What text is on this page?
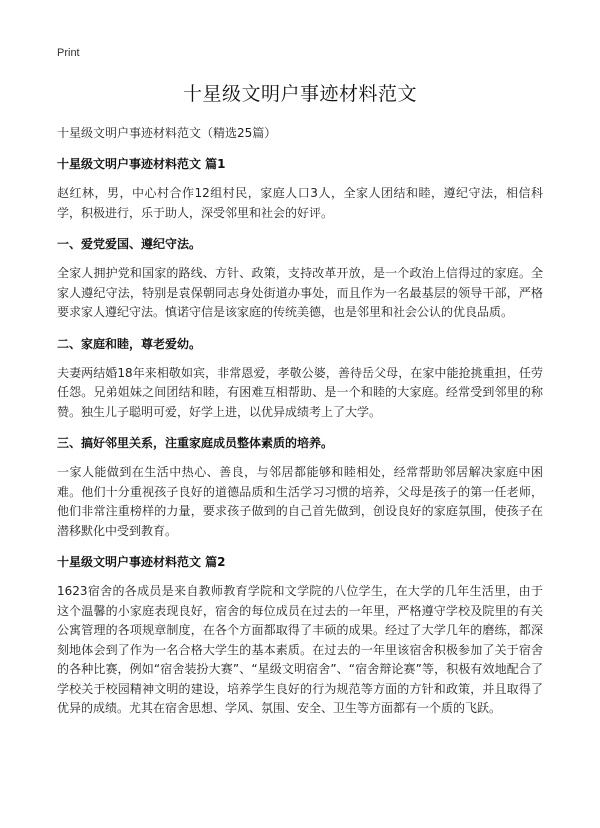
Print
十星级文明户事迹材料范文
十星级文明户事迹材料范文（精选25篇）
十星级文明户事迹材料范文 篇1

赵红林，男，中心村合作12组村民，家庭人口3人，全家人团结和睦，遵纪守法，相信科学，积极进行，乐于助人，深受邻里和社会的好评。

一、爱党爱国、遵纪守法。

全家人拥护党和国家的路线、方针、政策，支持改革开放，是一个政治上信得过的家庭。全家人遵纪守法，特别是袁保朝同志身处街道办事处，而且作为一名最基层的领导干部，严格要求家人遵纪守法。慎诺守信是该家庭的传统美德，也是邻里和社会公认的优良品质。

二、家庭和睦，尊老爱幼。

夫妻两结婚18年来相敬如宾，非常恩爱，孝敬公婆，善待岳父母，在家中能抢挑重担，任劳任怨。兄弟姐妹之间团结和睦，有困难互相帮助、是一个和睦的大家庭。经常受到邻里的称赞。独生儿子聪明可爱，好学上进，以优异成绩考上了大学。

三、搞好邻里关系，注重家庭成员整体素质的培养。

一家人能做到在生活中热心、善良，与邻居都能够和睦相处，经常帮助邻居解决家庭中困难。他们十分重视孩子良好的道德品质和生活学习习惯的培养，父母是孩子的第一任老师，他们非常注重榜样的力量，要求孩子做到的自己首先做到，创设良好的家庭氛围，使孩子在潜移默化中受到教育。

十星级文明户事迹材料范文 篇2

1623宿舍的各成员是来自教师教育学院和文学院的八位学生，在大学的几年生活里，由于这个温馨的小家庭表现良好，宿舍的每位成员在过去的一年里，严格遵守学校及院里的有关公寓管理的各项规章制度，在各个方面都取得了丰硕的成果。经过了大学几年的磨练，都深刻地体会到了作为一名合格大学生的基本素质。在过去的一年里该宿舍积极参加了关于宿舍的各种比赛，例如“宿舍装扮大赛”、“星级文明宿舍”、“宿舍辩论赛”等，积极有效地配合了学校关于校园精神文明的建设，培养学生良好的行为规范等方面的方针和政策，并且取得了优异的成绩。尤其在宿舍思想、学风、氛围、安全、卫生等方面都有一个质的飞跃。
